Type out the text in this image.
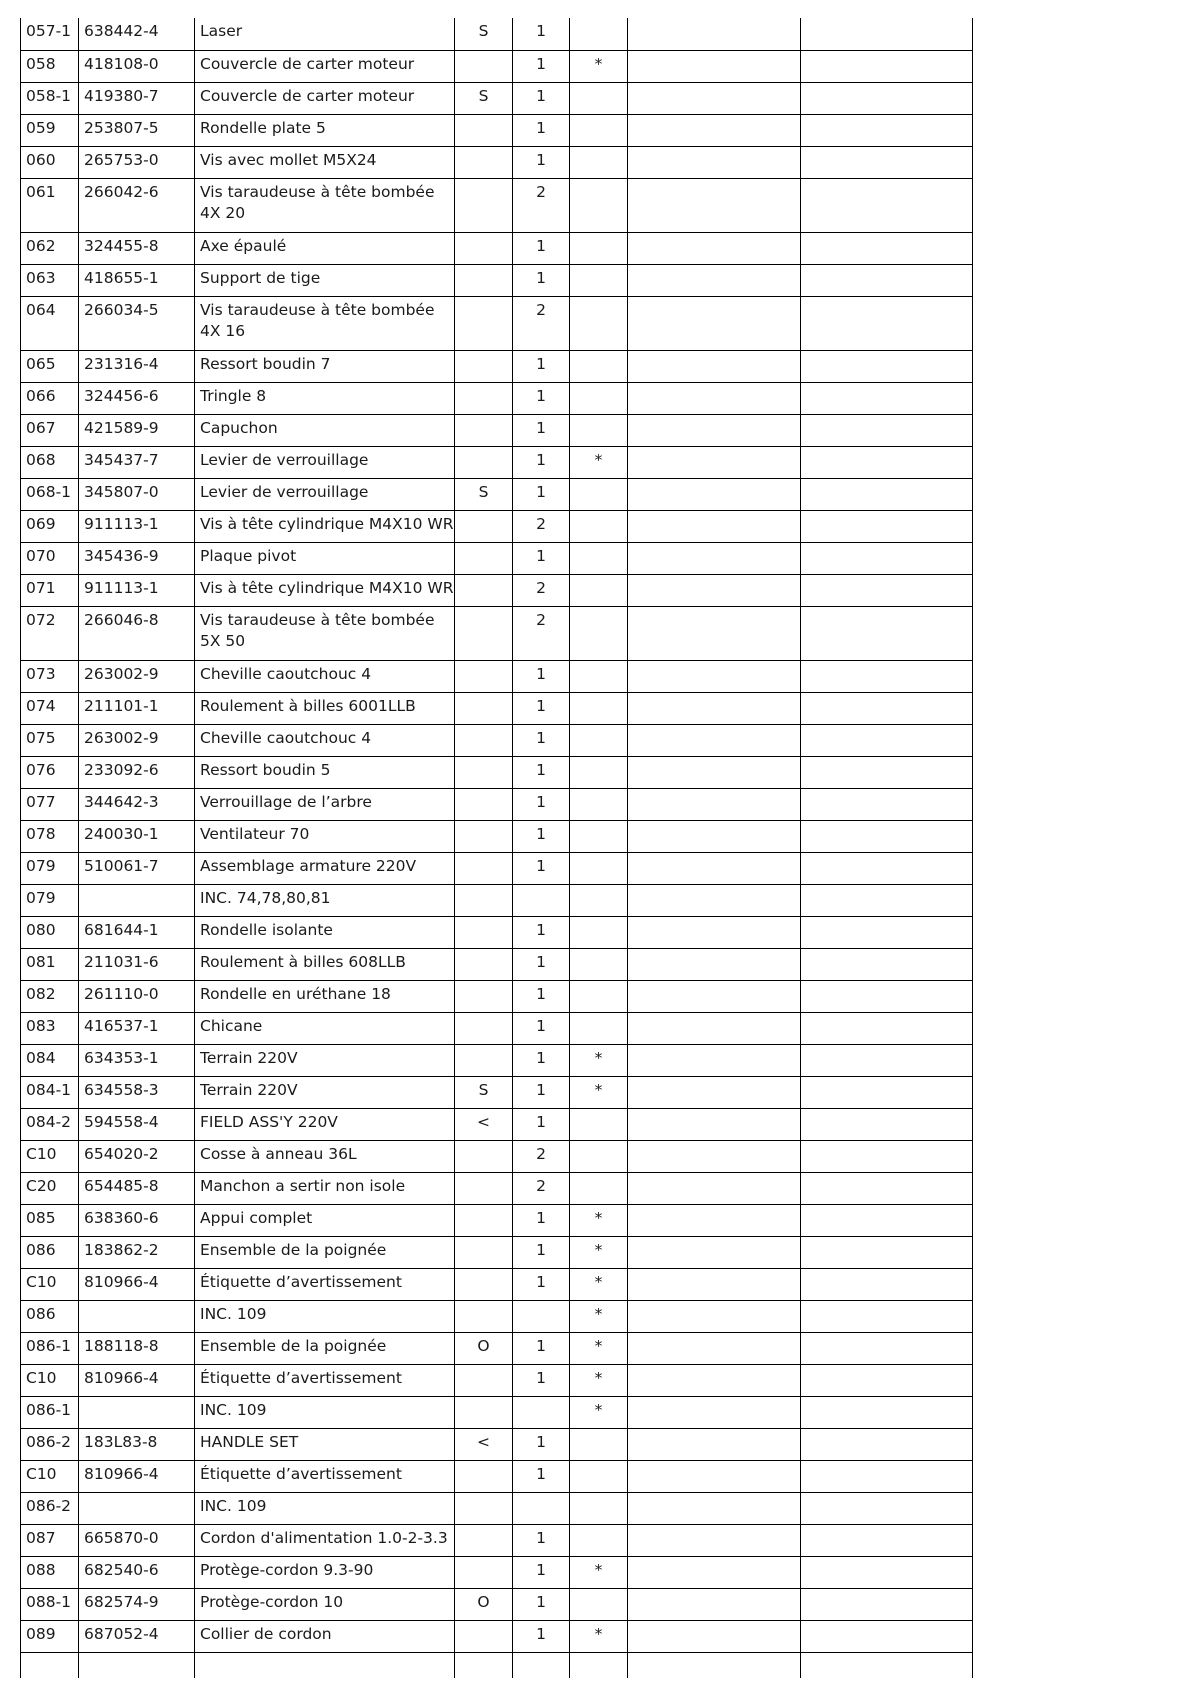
057-1	638442-4	Laser	S	1			
058	418108-0	Couvercle de carter moteur		1	*		
058-1	419380-7	Couvercle de carter moteur	S	1			
059	253807-5	Rondelle plate 5		1			
060	265753-0	Vis avec mollet M5X24		1			
061	266042-6	Vis taraudeuse à tête bombée 4X 20		2			
062	324455-8	Axe épaulé		1			
063	418655-1	Support de tige		1			
064	266034-5	Vis taraudeuse à tête bombée 4X 16		2			
065	231316-4	Ressort boudin 7		1			
066	324456-6	Tringle 8		1			
067	421589-9	Capuchon		1			
068	345437-7	Levier de verrouillage		1	*		
068-1	345807-0	Levier de verrouillage	S	1			
069	911113-1	Vis à tête cylindrique M4X10 WR		2			
070	345436-9	Plaque pivot		1			
071	911113-1	Vis à tête cylindrique M4X10 WR		2			
072	266046-8	Vis taraudeuse à tête bombée 5X 50		2			
073	263002-9	Cheville caoutchouc 4		1			
074	211101-1	Roulement à billes 6001LLB		1			
075	263002-9	Cheville caoutchouc 4		1			
076	233092-6	Ressort boudin 5		1			
077	344642-3	Verrouillage de l’arbre		1			
078	240030-1	Ventilateur 70		1			
079	510061-7	Assemblage armature 220V		1			
079		INC. 74,78,80,81					
080	681644-1	Rondelle isolante		1			
081	211031-6	Roulement à billes 608LLB		1			
082	261110-0	Rondelle en uréthane 18		1			
083	416537-1	Chicane		1			
084	634353-1	Terrain 220V		1	*		
084-1	634558-3	Terrain 220V	S	1	*		
084-2	594558-4	FIELD ASS'Y 220V	<	1			
C10	654020-2	Cosse à anneau 36L		2			
C20	654485-8	Manchon a sertir non isole		2			
085	638360-6	Appui complet		1	*		
086	183862-2	Ensemble de la poignée		1	*		
C10	810966-4	Étiquette d’avertissement		1	*		
086		INC. 109			*		
086-1	188118-8	Ensemble de la poignée	O	1	*		
C10	810966-4	Étiquette d’avertissement		1	*		
086-1		INC. 109			*		
086-2	183L83-8	HANDLE SET	<	1			
C10	810966-4	Étiquette d’avertissement		1			
086-2		INC. 109					
087	665870-0	Cordon d'alimentation 1.0-2-3.3		1			
088	682540-6	Protège-cordon 9.3-90		1	*		
088-1	682574-9	Protège-cordon 10	O	1			
089	687052-4	Collier de cordon		1	*		
